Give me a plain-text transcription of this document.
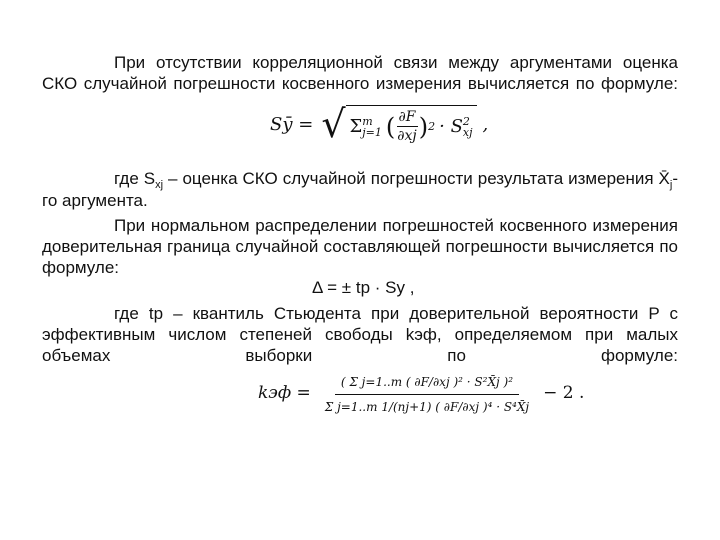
При отсутствии корреляционной связи между аргументами оценка СКО случайной погрешности косвенного измерения вычисляется по формуле:
Sȳ = √ Σ m
j=1 ( $\frac{\partial F}{\partial xj}$ ) 2 · S 2
xj ,
где $S_{xj}$ – оценка СКО случайной погрешности результата измерения $X̄_j-$
го аргумента.
При нормальном распределении погрешностей косвенного измерения доверительная граница случайной составляющей погрешности вычисляется по формуле:
Δ = ± tp · Sy ,
где tp – квантиль Стьюдента при доверительной вероятности P с эффективным числом степеней свободы kэф, определяемом при малых объемах выборки по формуле:
kэф = $\frac{\text{( Σ j=1..m ( ∂F/∂xj )² · S²X̄j )²}}{\text{Σ j=1..m 1/(nj+1) ( ∂F/∂xj )⁴ · S⁴X̄j}} - 2$ .
